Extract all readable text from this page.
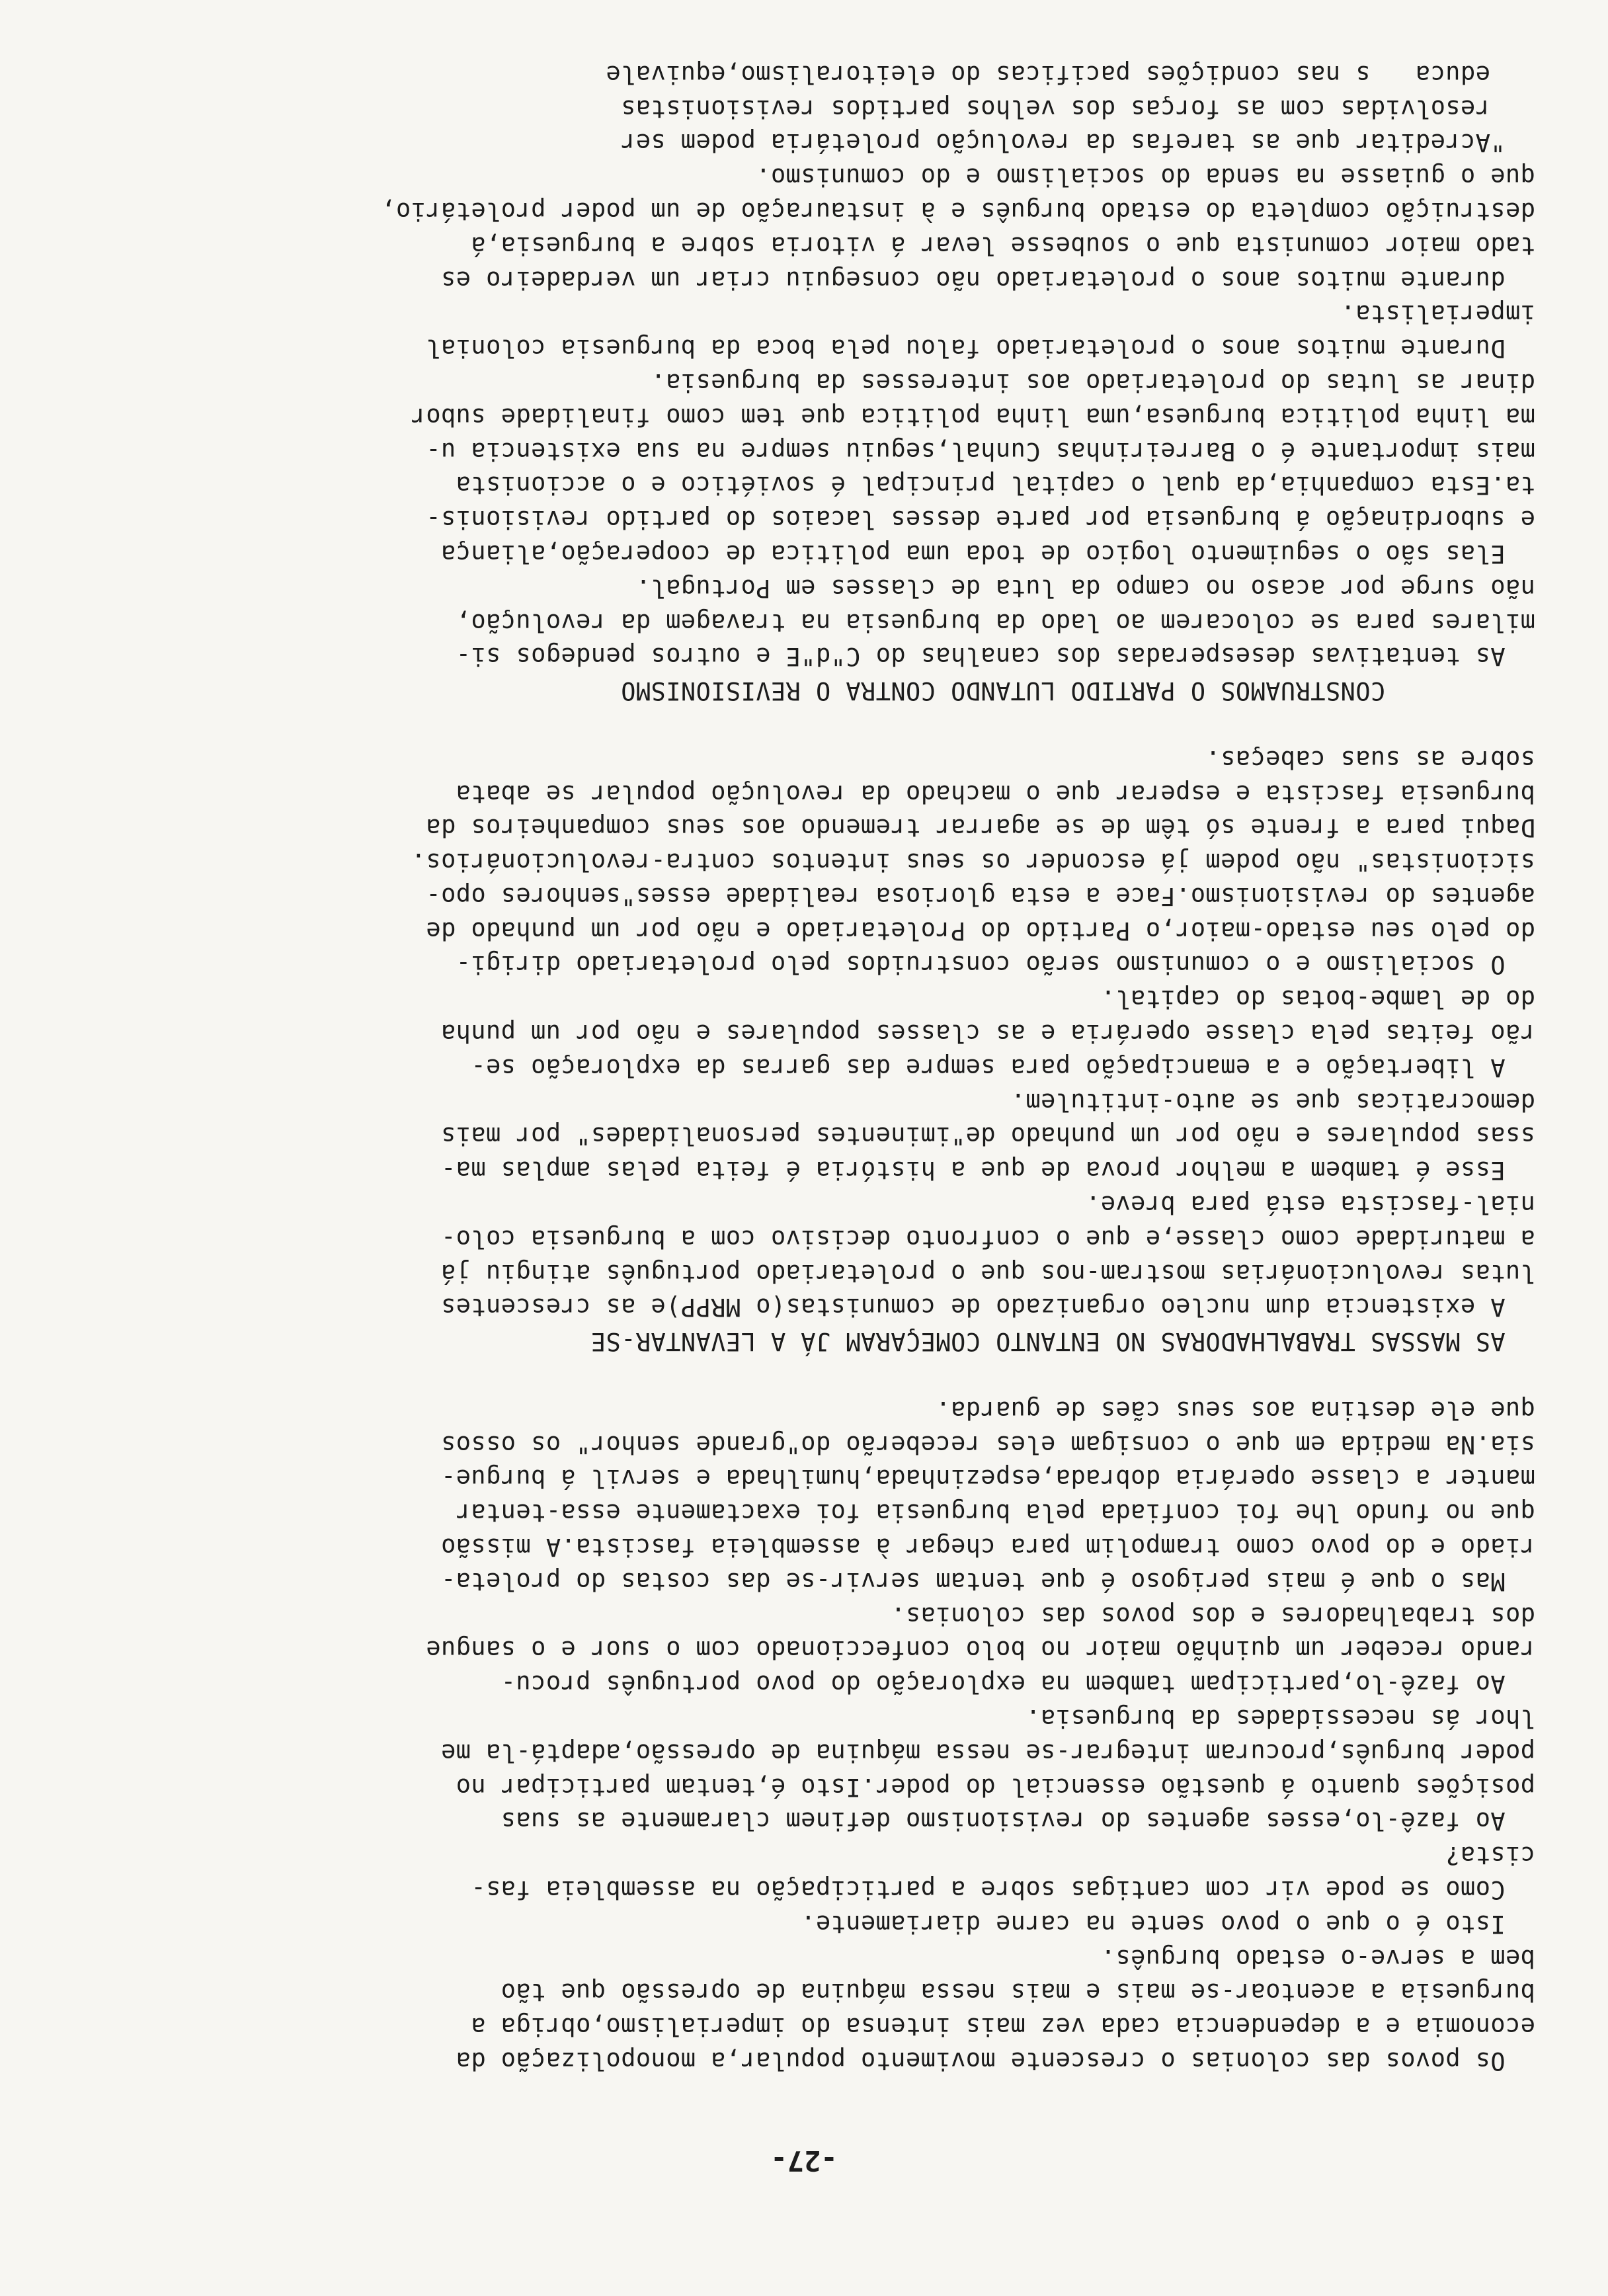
-27-
Os povos das colonias o crescente movimento popular,a monopolização da
economia e a dependencia cada vez mais intensa do imperialismo,obriga a
burguesia a acentoar-se mais e mais nessa máquina de opressão que tão
bem a serve-o estado burguês.
Isto é o que o povo sente na carne diariamente.
Como se pode vir com cantigas sobre a participação na assembleia fas-
cista?
Ao fazê-lo,esses agentes do revisionismo definem claramente as suas
posições quanto á questão essencial do poder.Isto é,tentam participar no
poder burguês,procuram integrar-se nessa máquina de opressão,adaptá-la me
lhor ás necessidades da burguesia.
Ao fazê-lo,participam tambem na exploração do povo português procu-
rando receber um quinhão maior no bolo confeccionado com o suor e o sangue
dos trabalhadores e dos povos das colonias.
Mas o que é mais perigoso é que tentam servir-se das costas do proleta-
riado e do povo como trampolim para chegar à assembleia fascista.A missão
que no fundo lhe foi confiada pela burguesia foi exactamente essa-tentar
manter a classe operária dobrada,espezinhada,humilhada e servil á burgue-
sia.Na medida em que o consigam eles receberão do"grande senhor" os ossos
que ele destina aos seus cães de guarda.
AS MASSAS TRABALHADORAS NO ENTANTO COMEÇARAM JÁ A LEVANTAR-SE
A existencia dum nucleo organizado de comunistas(o MRPP)e as crescentes
lutas revolucionárias mostram-nos que o proletariado português atingiu já
a maturidade como classe,e que o confronto decisivo com a burguesia colo-
nial-fascista está para breve.
Esse é tambem a melhor prova de que a história é feita pelas amplas ma-
ssas populares e não por um punhado de"iminentes personalidades" por mais
democraticas que se auto-intitulem.
A libertação e a emancipação para sempre das garras da exploração se-
rão feitas pela classe operária e as classes populares e não por um punha
do de lambe-botas do capital.
O socialismo e o comunismo serão construidos pelo proletariado dirigi-
do pelo seu estado-maior,o Partido do Proletariado e não por um punhado de
agentes do revisionismo.Face a esta gloriosa realidade esses"senhores opo-
sicionistas" não podem já esconder os seus intentos contra-revolucionários.
Daqui para a frente só têm de se agarrar tremendo aos seus companheiros da
burguesia fascista e esperar que o machado da revolução popular se abata
sobre as suas cabeças.
CONSTRUAMOS O PARTIDO LUTANDO CONTRA O REVISIONISMO
As tentativas desesperadas dos canalhas do C"d"E e outros pendegos si-
milares para se colocarem ao lado da burguesia na travagem da revolução,
não surge por acaso no campo da luta de classes em Portugal.
Elas são o seguimento logico de toda uma politica de cooperação,aliança
e subordinação á burguesia por parte desses lacaios do partido revisionis-
ta.Esta companhia,da qual o capital principal é soviético e o accionista
mais importante é o Barreirinhas Cunhal,seguiu sempre na sua existencia u-
ma linha politica burguesa,uma linha politica que tem como finalidade subor
dinar as lutas do proletariado aos interesses da burguesia.
Durante muitos anos o proletariado falou pela boca da burguesia colonial
imperialista.
durante muitos anos o proletariado não conseguiu criar um verdadeiro es
tado maior comunista que o soubesse levar á vitoria sobre a burguesia,á
destruição completa do estado burguês e à instauração de um poder proletário,
que o guiasse na senda do socialismo e do comunismo.
"Acreditar que as tarefas da revolução proletária podem ser
resolvidas com as forças dos velhos partidos revisionistas
educa   s nas condições pacificas do eleitoralismo,equivale
